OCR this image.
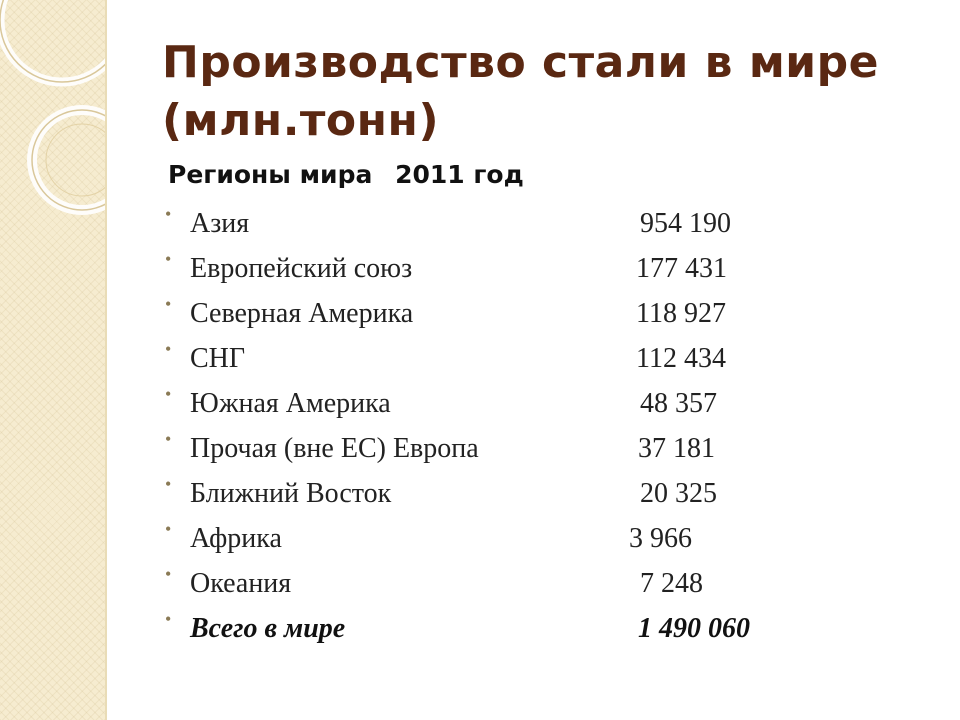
Производство стали в мире
(млн.тонн)
Регионы мира 2011 год
• Азия	954 190
• Европейский союз	177 431
• Северная Америка	118 927
• СНГ	112 434
• Южная Америка	48 357
• Прочая (вне ЕС) Европа	37 181
• Ближний Восток	20 325
• Африка	3 966
• Океания	7 248
• Всего в мире	1 490 060
